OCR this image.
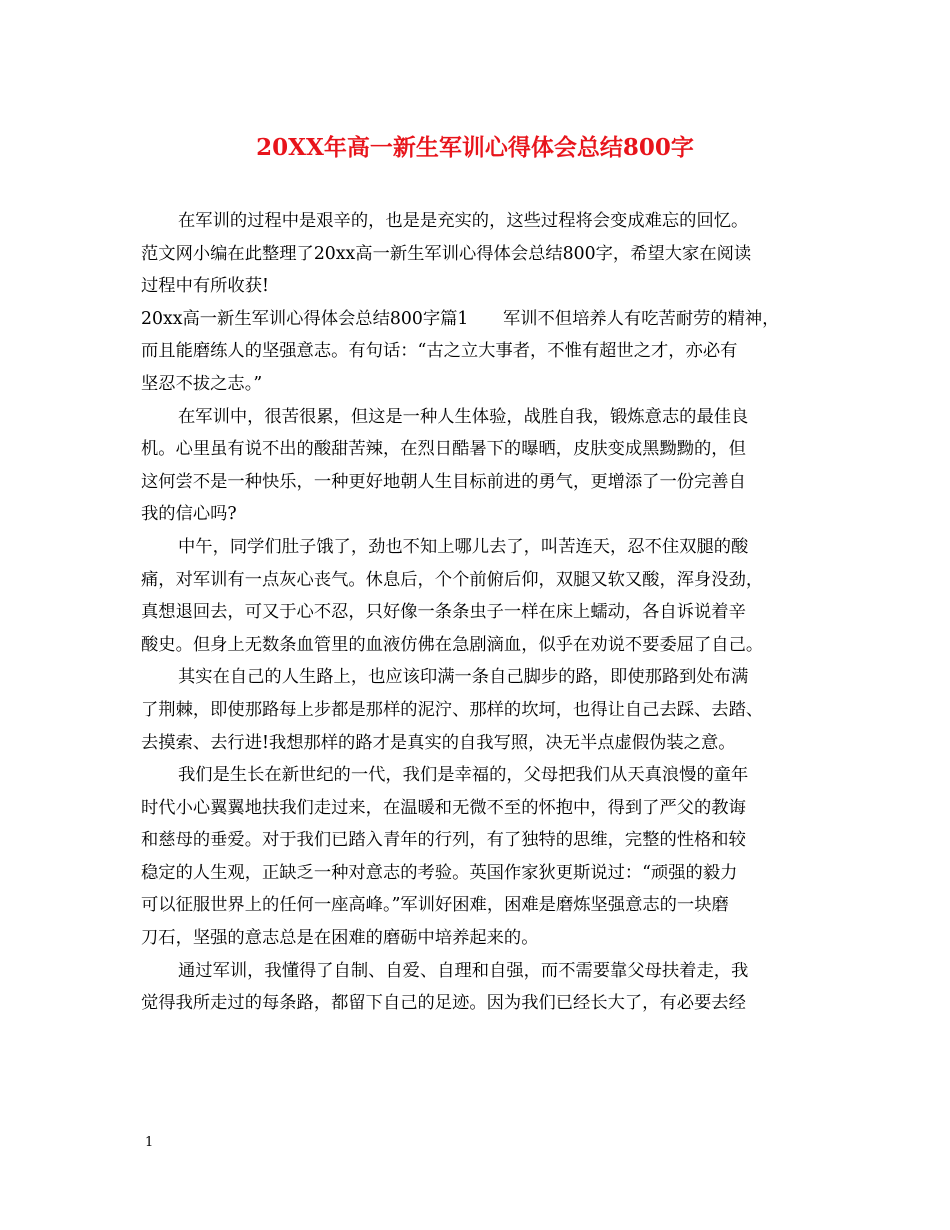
20XX年高一新生军训心得体会总结800字
在军训的过程中是艰辛的，也是是充实的，这些过程将会变成难忘的回忆。
范文网小编在此整理了20xx高一新生军训心得体会总结800字，希望大家在阅读
过程中有所收获!
20xx高一新生军训心得体会总结800字篇1　　军训不但培养人有吃苦耐劳的精神，
而且能磨练人的坚强意志。有句话：“古之立大事者，不惟有超世之才，亦必有
坚忍不拔之志。”
在军训中，很苦很累，但这是一种人生体验，战胜自我，锻炼意志的最佳良
机。心里虽有说不出的酸甜苦辣，在烈日酷暑下的曝晒，皮肤变成黑黝黝的，但
这何尝不是一种快乐，一种更好地朝人生目标前进的勇气，更增添了一份完善自
我的信心吗?
中午，同学们肚子饿了，劲也不知上哪儿去了，叫苦连天，忍不住双腿的酸
痛，对军训有一点灰心丧气。休息后，个个前俯后仰，双腿又软又酸，浑身没劲，
真想退回去，可又于心不忍，只好像一条条虫子一样在床上蠕动，各自诉说着辛
酸史。但身上无数条血管里的血液仿佛在急剧滴血，似乎在劝说不要委屈了自己。
其实在自己的人生路上，也应该印满一条自己脚步的路，即使那路到处布满
了荆棘，即使那路每上步都是那样的泥泞、那样的坎坷，也得让自己去踩、去踏、
去摸索、去行进!我想那样的路才是真实的自我写照，决无半点虚假伪装之意。
我们是生长在新世纪的一代，我们是幸福的，父母把我们从天真浪慢的童年
时代小心翼翼地扶我们走过来，在温暖和无微不至的怀抱中，得到了严父的教诲
和慈母的垂爱。对于我们已踏入青年的行列，有了独特的思维，完整的性格和较
稳定的人生观，正缺乏一种对意志的考验。英国作家狄更斯说过：“顽强的毅力
可以征服世界上的任何一座高峰。”军训好困难，困难是磨炼坚强意志的一块磨
刀石，坚强的意志总是在困难的磨砺中培养起来的。
通过军训，我懂得了自制、自爱、自理和自强，而不需要靠父母扶着走，我
觉得我所走过的每条路，都留下自己的足迹。因为我们已经长大了，有必要去经
1
